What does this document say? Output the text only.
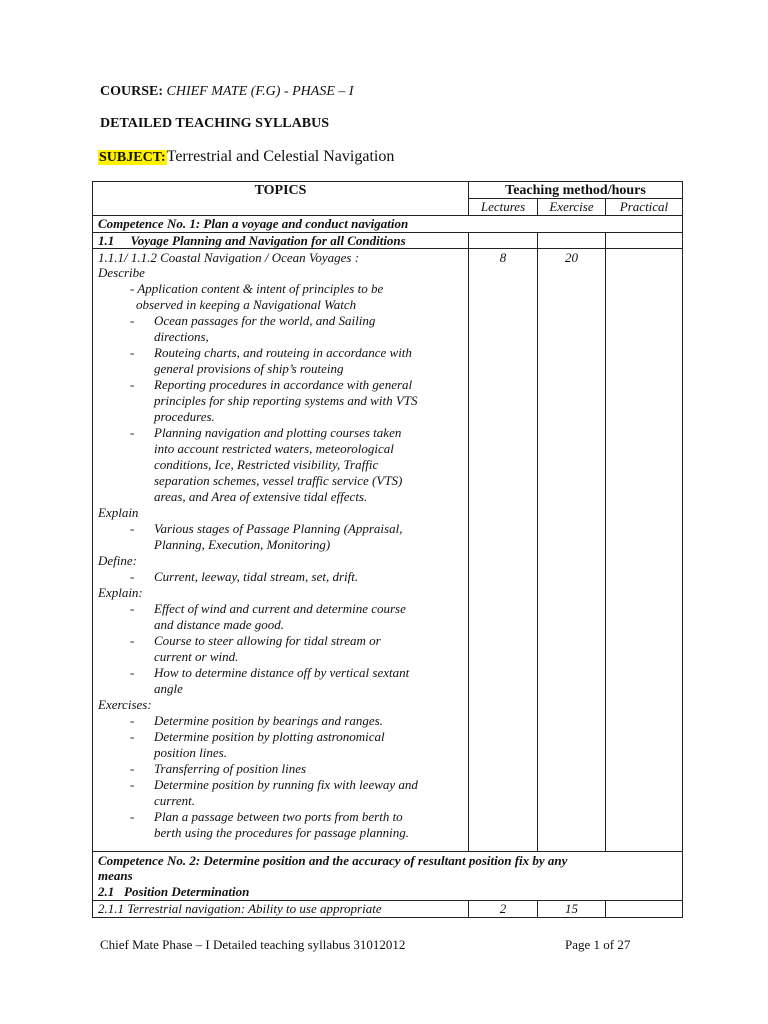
COURSE: CHIEF MATE (F.G) - PHASE – I
DETAILED TEACHING SYLLABUS
SUBJECT:Terrestrial and Celestial Navigation
TOPICS	Teaching method/hours
Lectures	Exercise	Practical
Competence No. 1: Plan a voyage and conduct navigation
1.1     Voyage Planning and Navigation for all Conditions
1.1.1/ 1.1.2 Coastal Navigation / Ocean Voyages :	8	20
Describe
- Application content & intent of principles to be
observed in keeping a Navigational Watch
- Ocean passages for the world, and Sailing
directions,
- Routeing charts, and routeing in accordance with
general provisions of ship’s routeing
- Reporting procedures in accordance with general
principles for ship reporting systems and with VTS
procedures.
- Planning navigation and plotting courses taken
into account restricted waters, meteorological
conditions, Ice, Restricted visibility, Traffic
separation schemes, vessel traffic service (VTS)
areas, and Area of extensive tidal effects.
Explain
- Various stages of Passage Planning (Appraisal,
Planning, Execution, Monitoring)
Define:
- Current, leeway, tidal stream, set, drift.
Explain:
- Effect of wind and current and determine course
and distance made good.
- Course to steer allowing for tidal stream or
current or wind.
- How to determine distance off by vertical sextant
angle
Exercises:
- Determine position by bearings and ranges.
- Determine position by plotting astronomical
position lines.
- Transferring of position lines
- Determine position by running fix with leeway and
current.
- Plan a passage between two ports from berth to
berth using the procedures for passage planning.
Competence No. 2: Determine position and the accuracy of resultant position fix by any
means
2.1   Position Determination
2.1.1 Terrestrial navigation: Ability to use appropriate	2	15
Chief Mate Phase – I Detailed teaching syllabus 31012012	Page 1 of 27
